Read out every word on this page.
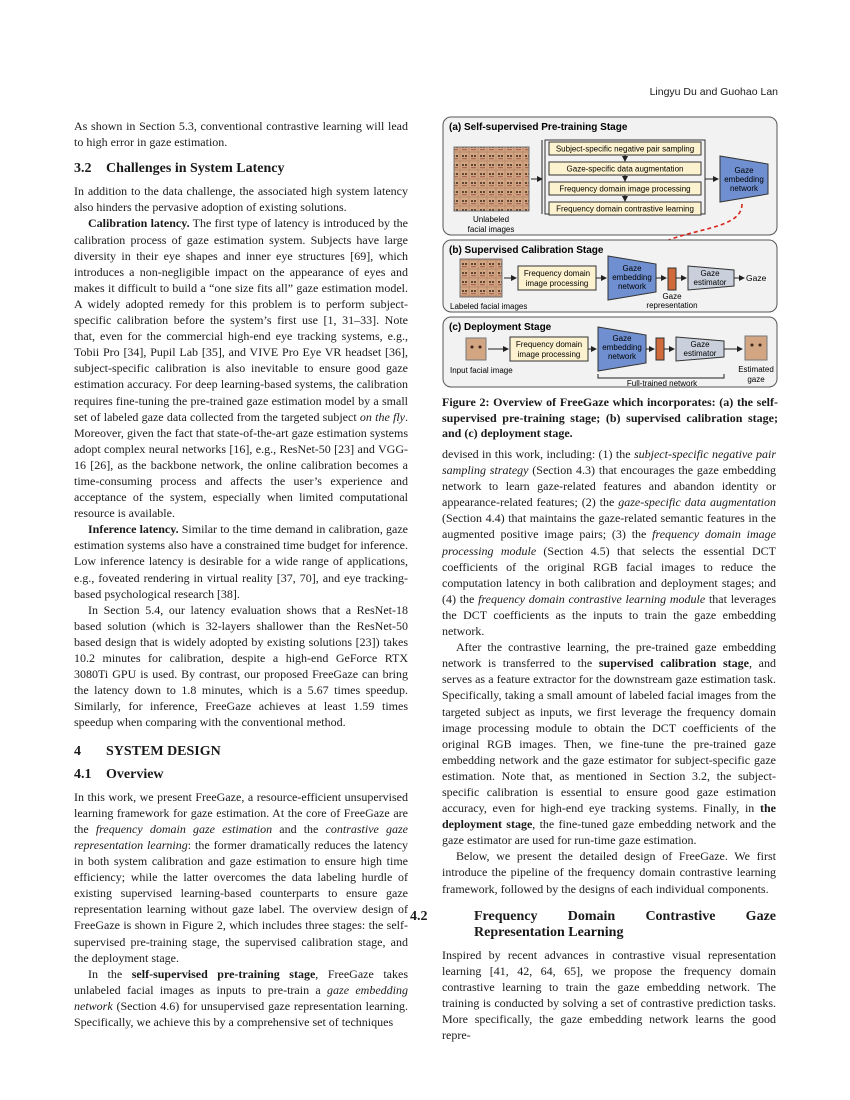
Lingyu Du and Guohao Lan

As shown in Section 5.3, conventional contrastive learning will lead to high error in gaze estimation.

3.2 Challenges in System Latency

In addition to the data challenge, the associated high system latency also hinders the pervasive adoption of existing solutions.

Calibration latency. The first type of latency is introduced by the calibration process of gaze estimation system. Subjects have large diversity in their eye shapes and inner eye structures [69], which introduces a non-negligible impact on the appearance of eyes and makes it difficult to build a “one size fits all” gaze estimation model. A widely adopted remedy for this problem is to perform subject-specific calibration before the system’s first use [1, 31–33]. Note that, even for the commercial high-end eye tracking systems, e.g., Tobii Pro [34], Pupil Lab [35], and VIVE Pro Eye VR headset [36], subject-specific calibration is also inevitable to ensure good gaze estimation accuracy. For deep learning-based systems, the calibration requires fine-tuning the pre-trained gaze estimation model by a small set of labeled gaze data collected from the targeted subject on the fly. Moreover, given the fact that state-of-the-art gaze estimation systems adopt complex neural networks [16], e.g., ResNet-50 [23] and VGG-16 [26], as the backbone network, the online calibration becomes a time-consuming process and affects the user’s experience and acceptance of the system, especially when limited computational resource is available.

Inference latency. Similar to the time demand in calibration, gaze estimation systems also have a constrained time budget for inference. Low inference latency is desirable for a wide range of applications, e.g., foveated rendering in virtual reality [37, 70], and eye tracking-based psychological research [38].

In Section 5.4, our latency evaluation shows that a ResNet-18 based solution (which is 32-layers shallower than the ResNet-50 based design that is widely adopted by existing solutions [23]) takes 10.2 minutes for calibration, despite a high-end GeForce RTX 3080Ti GPU is used. By contrast, our proposed FreeGaze can bring the latency down to 1.8 minutes, which is a 5.67 times speedup. Similarly, for inference, FreeGaze achieves at least 1.59 times speedup when comparing with the conventional method.

4 SYSTEM DESIGN
4.1 Overview

In this work, we present FreeGaze, a resource-efficient unsupervised learning framework for gaze estimation. At the core of FreeGaze are the frequency domain gaze estimation and the contrastive gaze representation learning: the former dramatically reduces the latency in both system calibration and gaze estimation to ensure high time efficiency; while the latter overcomes the data labeling hurdle of existing supervised learning-based counterparts to ensure gaze representation learning without gaze label. The overview design of FreeGaze is shown in Figure 2, which includes three stages: the self-supervised pre-training stage, the supervised calibration stage, and the deployment stage.

In the self-supervised pre-training stage, FreeGaze takes unlabeled facial images as inputs to pre-train a gaze embedding network (Section 4.6) for unsupervised gaze representation learning. Specifically, we achieve this by a comprehensive set of techniques

(a) Self-supervised Pre-training Stage
Unlabeled
facial images
Subject-specific negative pair sampling
Gaze-specific data augmentation
Frequency domain image processing
Frequency domain contrastive learning
Gaze
embedding
network
(b) Supervised Calibration Stage
Labeled facial images
Frequency domain
image processing
Gaze
embedding
network
Gaze
representation
Gaze
estimator Gaze
(c) Deployment Stage
Input facial image
Frequency domain
image processing
Gaze
embedding
network
Gaze
estimator
Estimated
gaze
Full-trained network
Figure 2: Overview of FreeGaze which incorporates: (a) the self-supervised pre-training stage; (b) supervised calibration stage; and (c) deployment stage.

devised in this work, including: (1) the subject-specific negative pair sampling strategy (Section 4.3) that encourages the gaze embedding network to learn gaze-related features and abandon identity or appearance-related features; (2) the gaze-specific data augmentation (Section 4.4) that maintains the gaze-related semantic features in the augmented positive image pairs; (3) the frequency domain image processing module (Section 4.5) that selects the essential DCT coefficients of the original RGB facial images to reduce the computation latency in both calibration and deployment stages; and (4) the frequency domain contrastive learning module that leverages the DCT coefficients as the inputs to train the gaze embedding network.

After the contrastive learning, the pre-trained gaze embedding network is transferred to the supervised calibration stage, and serves as a feature extractor for the downstream gaze estimation task. Specifically, taking a small amount of labeled facial images from the targeted subject as inputs, we first leverage the frequency domain image processing module to obtain the DCT coefficients of the original RGB images. Then, we fine-tune the pre-trained gaze embedding network and the gaze estimator for subject-specific gaze estimation. Note that, as mentioned in Section 3.2, the subject-specific calibration is essential to ensure good gaze estimation accuracy, even for high-end eye tracking systems. Finally, in the deployment stage, the fine-tuned gaze embedding network and the gaze estimator are used for run-time gaze estimation.

Below, we present the detailed design of FreeGaze. We first introduce the pipeline of the frequency domain contrastive learning framework, followed by the designs of each individual components.

4.2	Frequency Domain Contrastive Gaze Representation Learning

Inspired by recent advances in contrastive visual representation learning [41, 42, 64, 65], we propose the frequency domain contrastive learning to train the gaze embedding network. The training is conducted by solving a set of contrastive prediction tasks. More specifically, the gaze embedding network learns the good repre-
